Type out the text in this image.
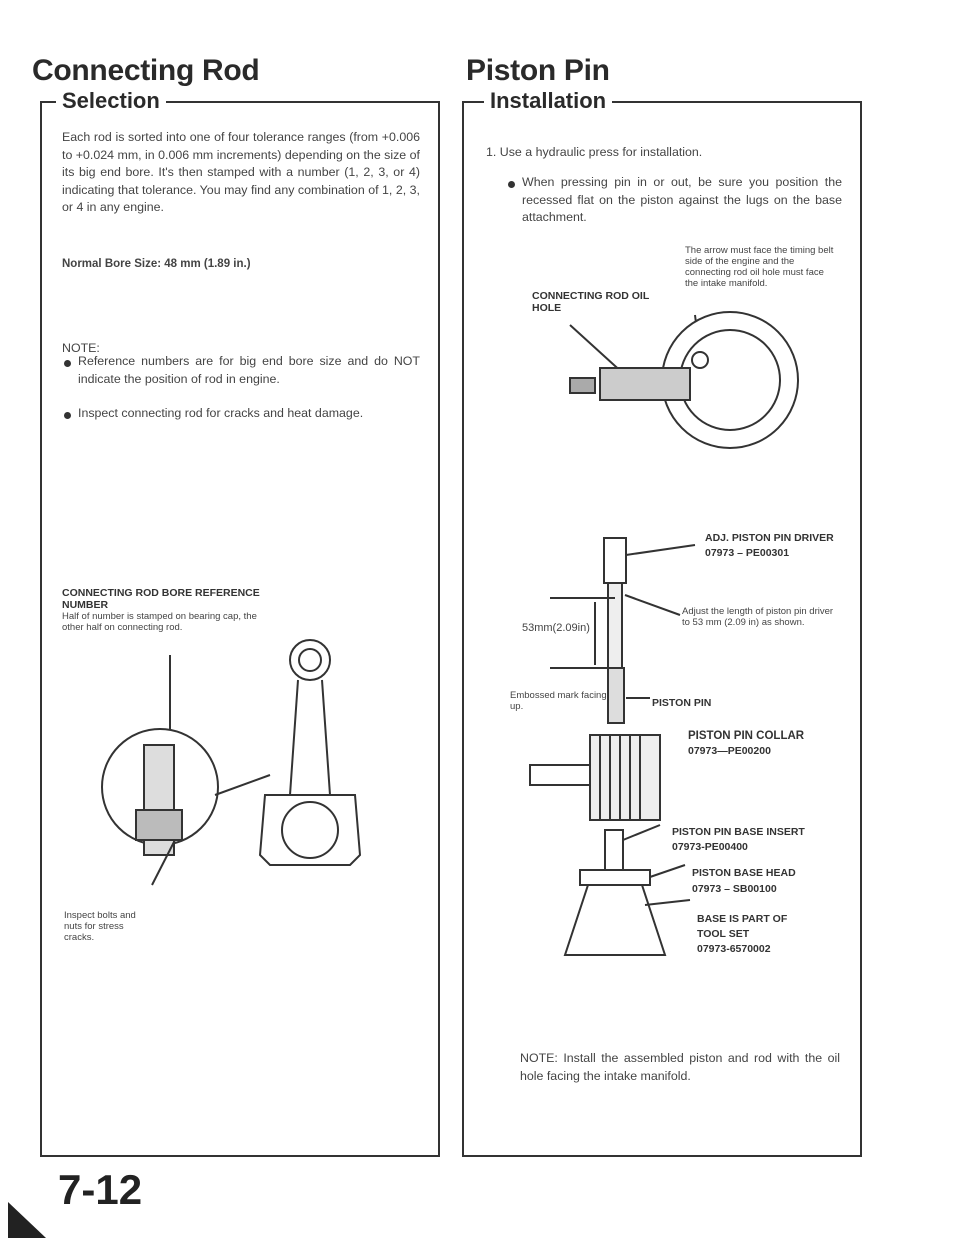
Connecting Rod
Selection
Each rod is sorted into one of four tolerance ranges (from +0.006 to +0.024 mm, in 0.006 mm increments) depending on the size of its big end bore. It's then stamped with a number (1, 2, 3, or 4) indicating that tolerance. You may find any combination of 1, 2, 3, or 4 in any engine.
Normal Bore Size: 48 mm (1.89 in.)
NOTE:
Reference numbers are for big end bore size and do NOT indicate the position of rod in engine.
Inspect connecting rod for cracks and heat damage.
CONNECTING ROD BORE REFERENCE NUMBER
Half of number is stamped on bearing cap, the other half on connecting rod.
Inspect bolts and nuts for stress cracks.
Piston Pin
Installation
1. Use a hydraulic press for installation.
When pressing pin in or out, be sure you position the recessed flat on the piston against the lugs on the base attachment.
The arrow must face the timing belt side of the engine and the connecting rod oil hole must face the intake manifold.
CONNECTING ROD OIL HOLE
ADJ. PISTON PIN DRIVER
07973 – PE00301
53mm(2.09in)
Adjust the length of piston pin driver to 53 mm (2.09 in) as shown.
Embossed mark facing up.	PISTON PIN
PISTON PIN COLLAR
07973—PE00200
PISTON PIN BASE INSERT
07973-PE00400
PISTON BASE HEAD
07973 – SB00100
BASE IS PART OF
TOOL SET
07973-6570002
NOTE: Install the assembled piston and rod with the oil hole facing the intake manifold.
7-12
